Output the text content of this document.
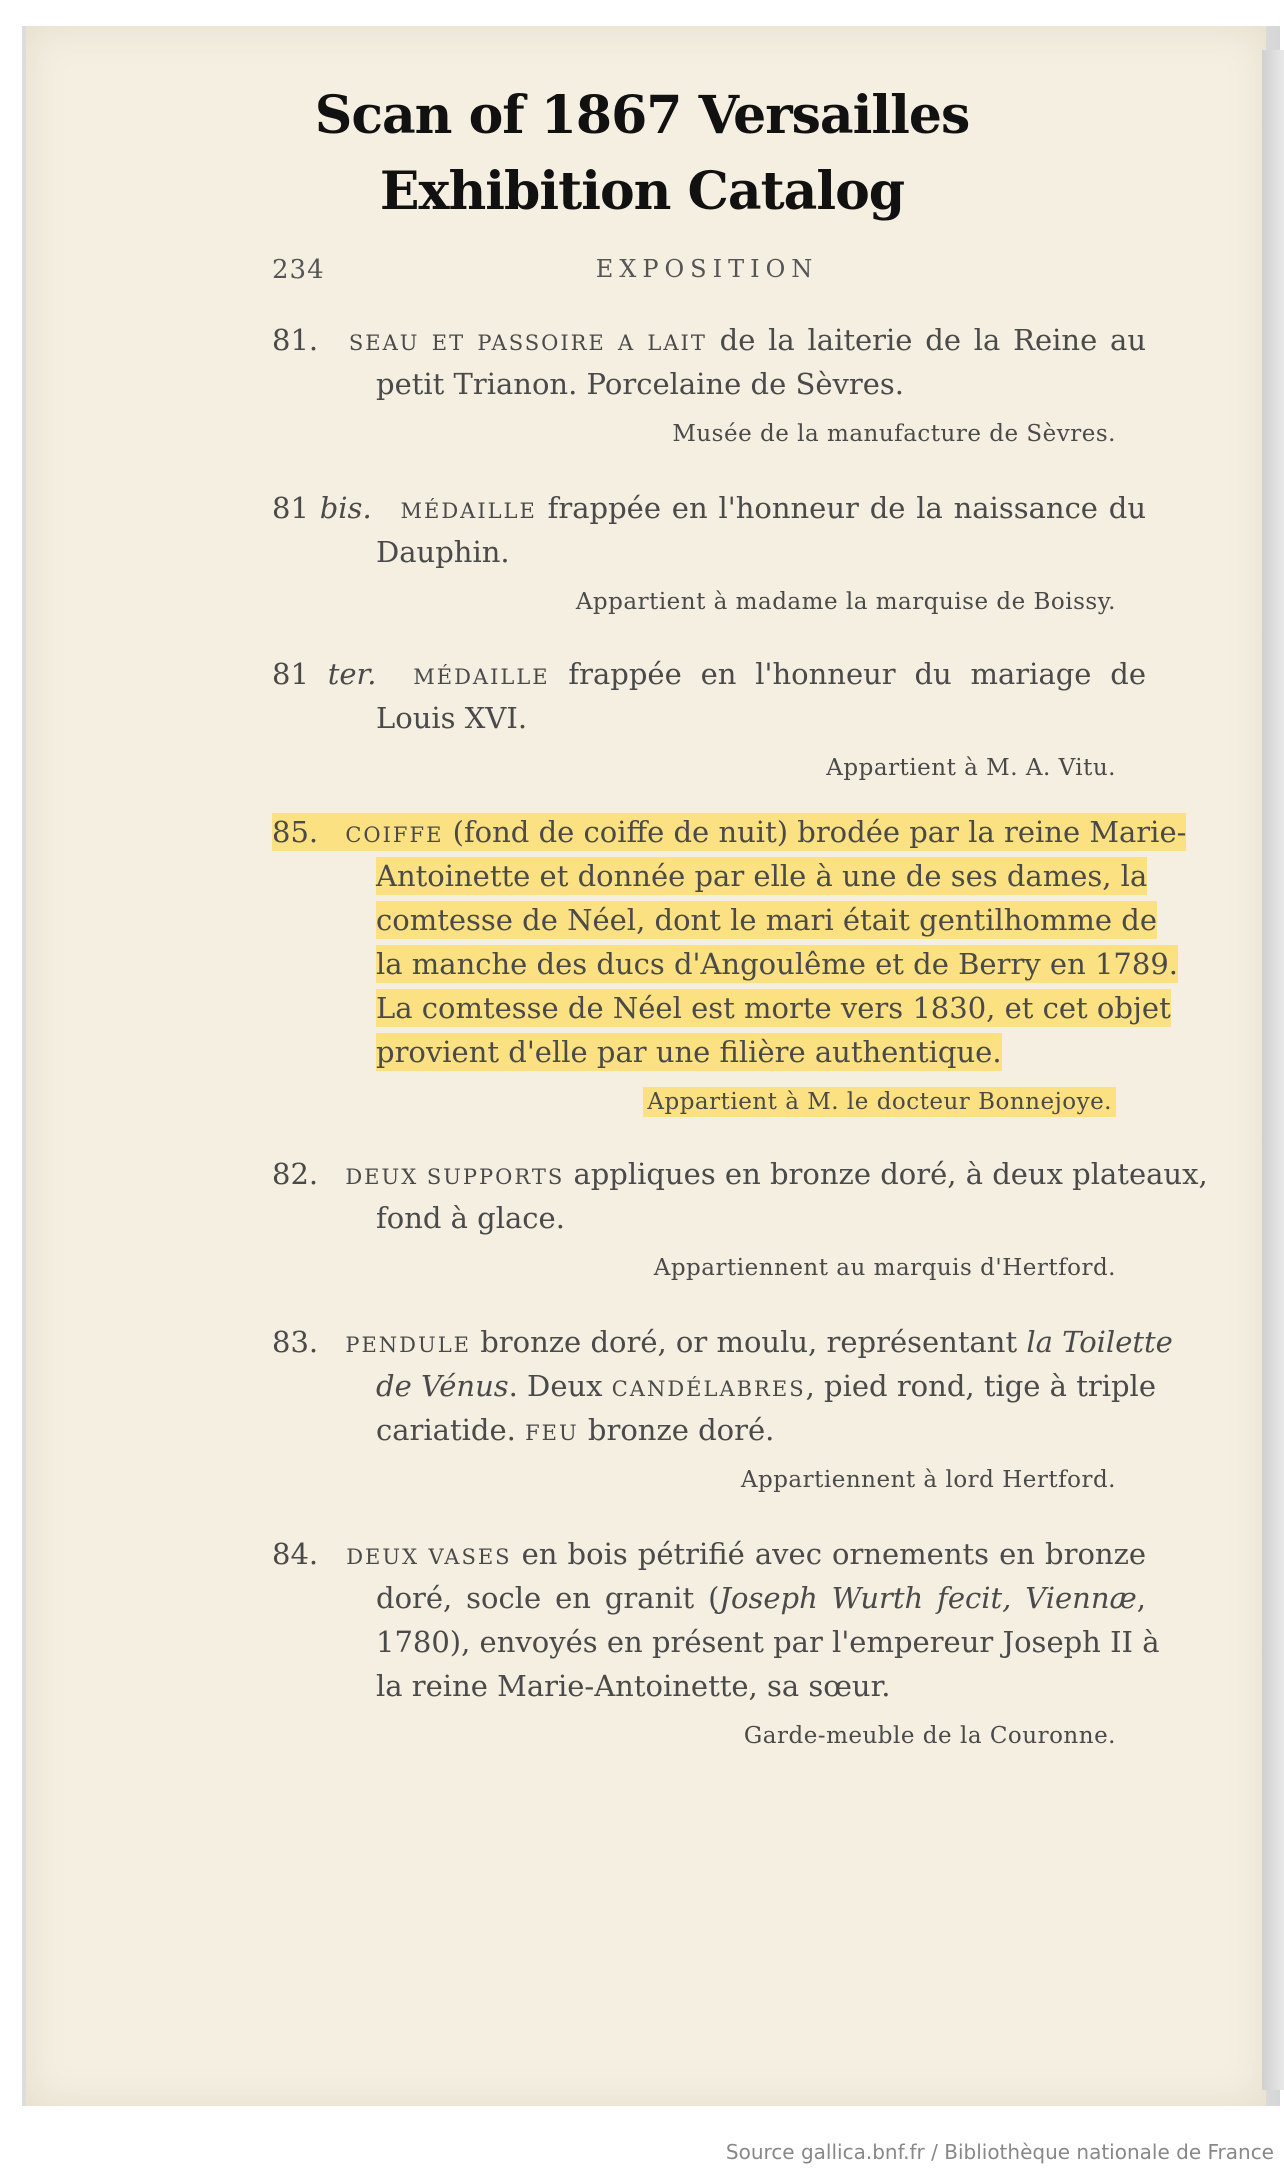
Scan of 1867 Versailles
Exhibition Catalog
234	EXPOSITION
81. SEAU ET PASSOIRE A LAIT de la laiterie de la Reine au
petit Trianon. Porcelaine de Sèvres.
Musée de la manufacture de Sèvres.
81 bis. MÉDAILLE frappée en l'honneur de la naissance du
Dauphin.
Appartient à madame la marquise de Boissy.
81 ter. MÉDAILLE frappée en l'honneur du mariage de
Louis XVI.
Appartient à M. A. Vitu.
85. COIFFE (fond de coiffe de nuit) brodée par la reine Marie-
Antoinette et donnée par elle à une de ses dames, la
comtesse de Néel, dont le mari était gentilhomme de
la manche des ducs d'Angoulême et de Berry en 1789.
La comtesse de Néel est morte vers 1830, et cet objet
provient d'elle par une filière authentique.
Appartient à M. le docteur Bonnejoye.
82. DEUX SUPPORTS appliques en bronze doré, à deux plateaux,
fond à glace.
Appartiennent au marquis d'Hertford.
83. PENDULE bronze doré, or moulu, représentant la Toilette
de Vénus. Deux CANDÉLABRES, pied rond, tige à triple
cariatide. FEU bronze doré.
Appartiennent à lord Hertford.
84. DEUX VASES en bois pétrifié avec ornements en bronze
doré, socle en granit (Joseph Wurth fecit, Viennæ,
1780), envoyés en présent par l'empereur Joseph II à
la reine Marie-Antoinette, sa sœur.
Garde-meuble de la Couronne.
Source gallica.bnf.fr / Bibliothèque nationale de France
